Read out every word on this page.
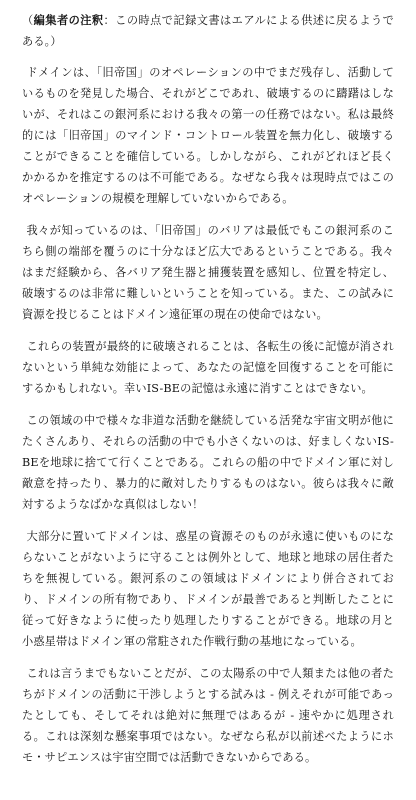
（編集者の注釈：この時点で記録文書はエアルによる供述に戻るようである。）

ドメインは、「旧帝国」のオペレーションの中でまだ残存し、活動しているものを発見した場合、それがどこであれ、破壊するのに躊躇はしないが、それはこの銀河系における我々の第一の任務ではない。私は最終的には「旧帝国」のマインド・コントロール装置を無力化し、破壊することができることを確信している。しかしながら、これがどれほど長くかかるかを推定するのは不可能である。なぜなら我々は現時点ではこのオペレーションの規模を理解していないからである。

我々が知っているのは、「旧帝国」のバリアは最低でもこの銀河系のこちら側の端部を覆うのに十分なほど広大であるということである。我々はまだ経験から、各バリア発生器と捕獲装置を感知し、位置を特定し、破壊するのは非常に難しいということを知っている。また、この試みに資源を投じることはドメイン遠征軍の現在の使命ではない。

これらの装置が最終的に破壊されることは、各転生の後に記憶が消されないという単純な効能によって、あなたの記憶を回復することを可能にするかもしれない。幸いIS-BEの記憶は永遠に消すことはできない。

この領域の中で様々な非道な活動を継続している活発な宇宙文明が他にたくさんあり、それらの活動の中でも小さくないのは、好ましくないIS-BEを地球に捨てて行くことである。これらの船の中でドメイン軍に対し敵意を持ったり、暴力的に敵対したりするものはない。彼らは我々に敵対するようなばかな真似はしない！

大部分に置いてドメインは、惑星の資源そのものが永遠に使いものにならないことがないように守ることは例外として、地球と地球の居住者たちを無視している。銀河系のこの領域はドメインにより併合されており、ドメインの所有物であり、ドメインが最善であると判断したことに従って好きなように使ったり処理したりすることができる。地球の月と小惑星帯はドメイン軍の常駐された作戦行動の基地になっている。

これは言うまでもないことだが、この太陽系の中で人類または他の者たちがドメインの活動に干渉しようとする試みは - 例えそれが可能であったとしても、そしてそれは絶対に無理ではあるが - 速やかに処理される。これは深刻な懸案事項ではない。なぜなら私が以前述べたようにホモ・サピエンスは宇宙空間では活動できないからである。
